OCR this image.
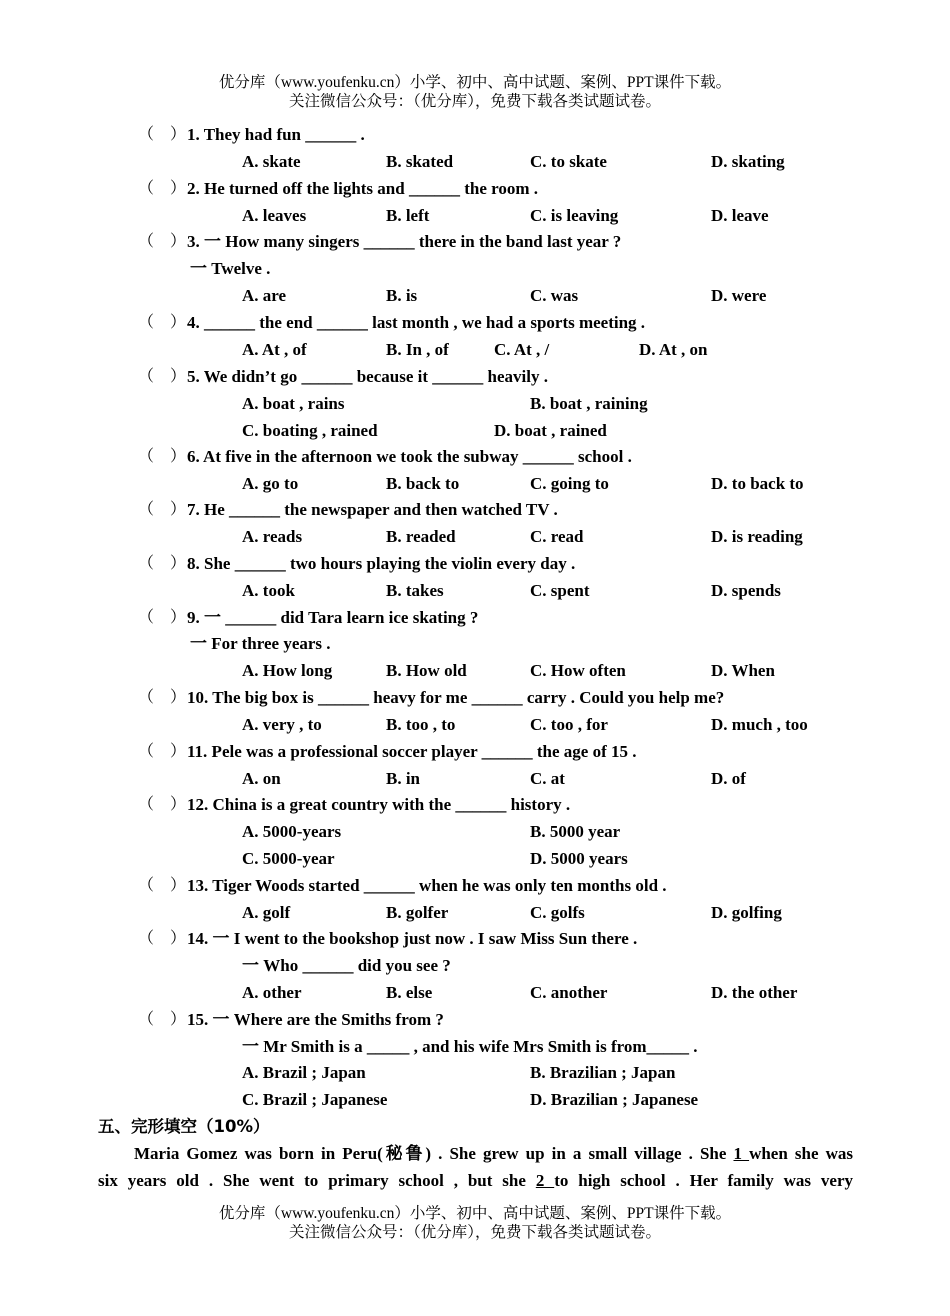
优分库（www.youfenku.cn）小学、初中、高中试题、案例、PPT课件下载。
关注微信公众号：（优分库），免费下载各类试题试卷。
（　） 1. They had fun ______ .
A. skate	B. skated	C. to skate	D. skating
（　） 2. He turned off the lights and ______ the room .
A. leaves	B. left	C. is leaving	D. leave
（　） 3. 一 How many singers ______ there in the band last year ?
一 Twelve .
A. are	B. is	C. was	D. were
（　） 4. ______ the end ______ last month , we had a sports meeting .
A. At , of	B. In , of	C. At , /	D. At , on
（　） 5. We didn’t go ______ because it ______ heavily .
A. boat , rains	B. boat , raining
C. boating , rained	D. boat , rained
（　） 6. At five in the afternoon we took the subway ______ school .
A. go to	B. back to	C. going to	D. to back to
（　） 7. He ______ the newspaper and then watched TV .
A. reads	B. readed	C. read	D. is reading
（　） 8. She ______ two hours playing the violin every day .
A. took	B. takes	C. spent	D. spends
（　） 9. 一 ______ did Tara learn ice skating ?
一 For three years .
A. How long	B. How old	C. How often	D. When
（　） 10. The big box is ______ heavy for me ______ carry . Could you help me?
A. very , to	B. too , to	C. too , for	D. much , too
（　） 11. Pele was a professional soccer player ______ the age of 15 .
A. on	B. in	C. at	D. of
（　） 12. China is a great country with the ______ history .
A. 5000-years	B. 5000 year
C. 5000-year	D. 5000 years
（　） 13. Tiger Woods started ______ when he was only ten months old .
A. golf	B. golfer	C. golfs	D. golfing
（　） 14. 一 I went to the bookshop just now . I saw Miss Sun there .
一 Who ______ did you see ?
A. other	B. else	C. another	D. the other
（　） 15. 一 Where are the Smiths from ?
一 Mr Smith is a _____ , and his wife Mrs Smith is from_____ .
A. Brazil ; Japan	B. Brazilian ; Japan
C. Brazil ; Japanese	D. Brazilian ; Japanese
五、完形填空（10%）
Maria Gomez was born in Peru(秘鲁) . She grew up in a small village . She 1 when she was
six years old . She went to primary school , but she 2 to high school . Her family was very
优分库（www.youfenku.cn）小学、初中、高中试题、案例、PPT课件下载。
关注微信公众号：（优分库），免费下载各类试题试卷。
